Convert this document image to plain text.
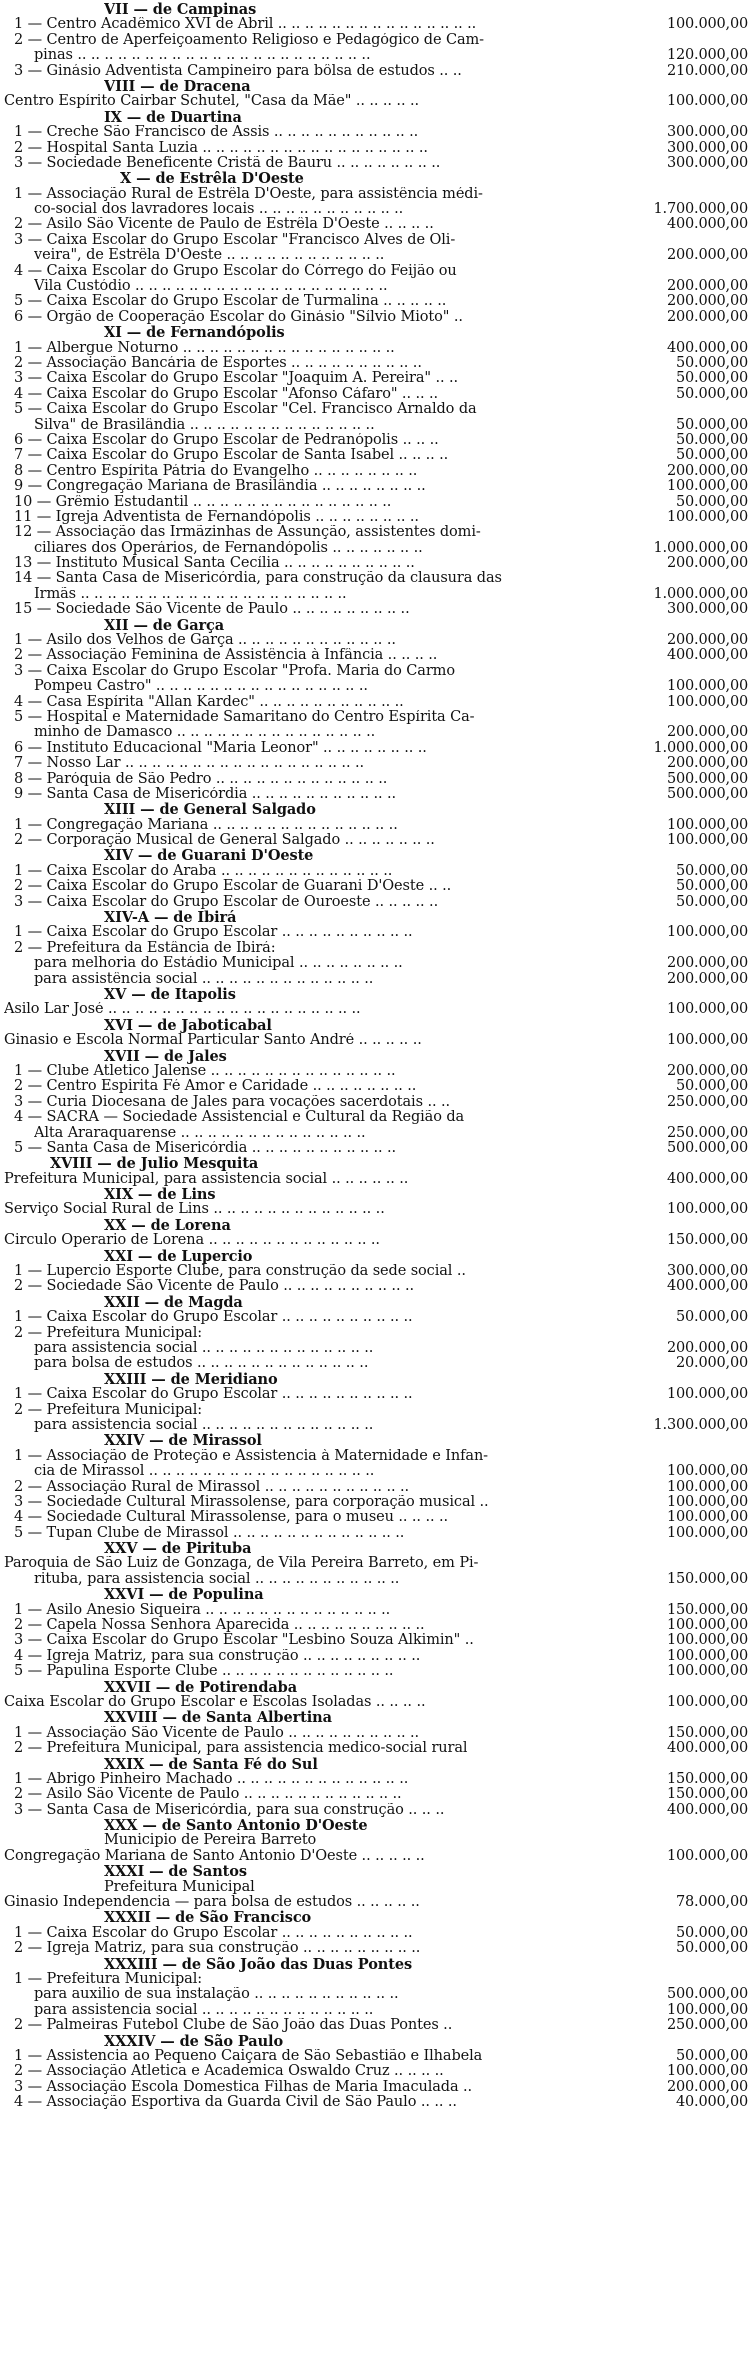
VII — de Campinas
1 — Centro Acadêmico XVI de Abril .. .. .. .. .. .. .. .. .. .. .. .. .. .. ..	100.000,00
2 — Centro de Aperfeiçoamento Religioso e Pedagógico de Cam-
pinas .. .. .. .. .. .. .. .. .. .. .. .. .. .. .. .. .. .. .. .. .. ..	120.000,00
3 — Ginásio Adventista Campineiro para bôlsa de estudos .. ..	210.000,00
VIII — de Dracena
Centro Espírito Cairbar Schutel, "Casa da Mãe" .. .. .. .. ..	100.000,00
IX — de Duartina
1 — Creche São Francisco de Assis .. .. .. .. .. .. .. .. .. .. ..	300.000,00
2 — Hospital Santa Luzia .. .. .. .. .. .. .. .. .. .. .. .. .. .. .. .. ..	300.000,00
3 — Sociedade Beneficente Cristã de Bauru .. .. .. .. .. .. .. ..	300.000,00
X — de Estrêla D'Oeste
1 — Associação Rural de Estrêla D'Oeste, para assistência médi-
co-social dos lavradores locais .. .. .. .. .. .. .. .. .. .. ..	1.700.000,00
2 — Asilo São Vicente de Paulo de Estrêla D'Oeste .. .. .. ..	400.000,00
3 — Caixa Escolar do Grupo Escolar "Francisco Alves de Oli-
veira", de Estrêla D'Oeste .. .. .. .. .. .. .. .. .. .. .. ..	200.000,00
4 — Caixa Escolar do Grupo Escolar do Córrego do Feijão ou
Vila Custódio .. .. .. .. .. .. .. .. .. .. .. .. .. .. .. .. .. .. ..	200.000,00
5 — Caixa Escolar do Grupo Escolar de Turmalina .. .. .. .. ..	200.000,00
6 — Órgão de Cooperação Escolar do Ginásio "Sílvio Mioto" ..	200.000,00
XI — de Fernandópolis
1 — Albergue Noturno .. .. .. .. .. .. .. .. .. .. .. .. .. .. .. ..	400.000,00
2 — Associação Bancária de Esportes .. .. .. .. .. .. .. .. .. ..	50.000,00
3 — Caixa Escolar do Grupo Escolar "Joaquim A. Pereira" .. ..	50.000,00
4 — Caixa Escolar do Grupo Escolar "Afonso Cáfaro" .. .. ..	50.000,00
5 — Caixa Escolar do Grupo Escolar "Cel. Francisco Arnaldo da
Silva" de Brasilândia .. .. .. .. .. .. .. .. .. .. .. .. .. ..	50.000,00
6 — Caixa Escolar do Grupo Escolar de Pedranópolis .. .. ..	50.000,00
7 — Caixa Escolar do Grupo Escolar de Santa Isabel .. .. .. ..	50.000,00
8 — Centro Espírita Pátria do Evangelho .. .. .. .. .. .. .. ..	200.000,00
9 — Congregação Mariana de Brasilândia .. .. .. .. .. .. .. ..	100.000,00
10 — Grêmio Estudantil .. .. .. .. .. .. .. .. .. .. .. .. .. .. ..	50.000,00
11 — Igreja Adventista de Fernandópolis .. .. .. .. .. .. .. ..	100.000,00
12 — Associação das Irmãzinhas de Assunção, assistentes domi-
ciliares dos Operários, de Fernandópolis .. .. .. .. .. .. ..	1.000.000,00
13 — Instituto Musical Santa Cecília .. .. .. .. .. .. .. .. .. ..	200.000,00
14 — Santa Casa de Misericórdia, para construção da clausura das
Irmãs .. .. .. .. .. .. .. .. .. .. .. .. .. .. .. .. .. .. .. ..	1.000.000,00
15 — Sociedade São Vicente de Paulo .. .. .. .. .. .. .. .. ..	300.000,00
XII — de Garça
1 — Asilo dos Velhos de Garça .. .. .. .. .. .. .. .. .. .. .. ..	200.000,00
2 — Associação Feminina de Assistência à Infância .. .. .. ..	400.000,00
3 — Caixa Escolar do Grupo Escolar "Profa. Maria do Carmo
Pompeu Castro" .. .. .. .. .. .. .. .. .. .. .. .. .. .. .. ..	100.000,00
4 — Casa Espírita "Allan Kardec" .. .. .. .. .. .. .. .. .. .. ..	100.000,00
5 — Hospital e Maternidade Samaritano do Centro Espírita Ca-
minho de Damasco .. .. .. .. .. .. .. .. .. .. .. .. .. .. ..	200.000,00
6 — Instituto Educacional "Maria Leonor" .. .. .. .. .. .. .. ..	1.000.000,00
7 — Nosso Lar .. .. .. .. .. .. .. .. .. .. .. .. .. .. .. .. .. ..	200.000,00
8 — Paróquia de São Pedro .. .. .. .. .. .. .. .. .. .. .. .. ..	500.000,00
9 — Santa Casa de Misericórdia .. .. .. .. .. .. .. .. .. .. ..	500.000,00
XIII — de General Salgado
1 — Congregação Mariana .. .. .. .. .. .. .. .. .. .. .. .. .. ..	100.000,00
2 — Corporação Musical de General Salgado .. .. .. .. .. .. ..	100.000,00
XIV — de Guarani D'Oeste
1 — Caixa Escolar do Araba .. .. .. .. .. .. .. .. .. .. .. .. ..	50.000,00
2 — Caixa Escolar do Grupo Escolar de Guarani D'Oeste .. ..	50.000,00
3 — Caixa Escolar do Grupo Escolar de Ouroeste .. .. .. .. ..	50.000,00
XIV-A — de Ibirá
1 — Caixa Escolar do Grupo Escolar .. .. .. .. .. .. .. .. .. ..	100.000,00
2 — Prefeitura da Estância de Ibirá:
para melhoria do Estádio Municipal .. .. .. .. .. .. .. ..	200.000,00
para assistência social .. .. .. .. .. .. .. .. .. .. .. .. ..	200.000,00
XV — de Itapolis
Asilo Lar José .. .. .. .. .. .. .. .. .. .. .. .. .. .. .. .. .. .. ..	100.000,00
XVI — de Jaboticabal
Ginasio e Escola Normal Particular Santo André .. .. .. .. ..	100.000,00
XVII — de Jales
1 — Clube Atletico Jalense .. .. .. .. .. .. .. .. .. .. .. .. .. ..	200.000,00
2 — Centro Espirita Fé Amor e Caridade .. .. .. .. .. .. .. ..	50.000,00
3 — Curia Diocesana de Jales para vocações sacerdotais .. ..	250.000,00
4 — SACRA — Sociedade Assistencial e Cultural da Região da
Alta Araraquarense .. .. .. .. .. .. .. .. .. .. .. .. .. ..	250.000,00
5 — Santa Casa de Misericórdia .. .. .. .. .. .. .. .. .. .. ..	500.000,00
XVIII — de Julio Mesquita
Prefeitura Municipal, para assistencia social .. .. .. .. .. ..	400.000,00
XIX — de Lins
Serviço Social Rural de Lins .. .. .. .. .. .. .. .. .. .. .. .. ..	100.000,00
XX — de Lorena
Circulo Operario de Lorena .. .. .. .. .. .. .. .. .. .. .. .. ..	150.000,00
XXI — de Lupercio
1 — Lupercio Esporte Clube, para construção da sede social ..	300.000,00
2 — Sociedade São Vicente de Paulo .. .. .. .. .. .. .. .. .. ..	400.000,00
XXII — de Magda
1 — Caixa Escolar do Grupo Escolar .. .. .. .. .. .. .. .. .. ..	50.000,00
2 — Prefeitura Municipal:
para assistencia social .. .. .. .. .. .. .. .. .. .. .. .. ..	200.000,00
para bolsa de estudos .. .. .. .. .. .. .. .. .. .. .. .. ..	20.000,00
XXIII — de Meridiano
1 — Caixa Escolar do Grupo Escolar .. .. .. .. .. .. .. .. .. ..	100.000,00
2 — Prefeitura Municipal:
para assistencia social .. .. .. .. .. .. .. .. .. .. .. .. ..	1.300.000,00
XXIV — de Mirassol
1 — Associação de Proteção e Assistencia à Maternidade e Infan-
cia de Mirassol .. .. .. .. .. .. .. .. .. .. .. .. .. .. .. .. ..	100.000,00
2 — Associação Rural de Mirassol .. .. .. .. .. .. .. .. .. .. ..	100.000,00
3 — Sociedade Cultural Mirassolense, para corporação musical ..	100.000,00
4 — Sociedade Cultural Mirassolense, para o museu .. .. .. ..	100.000,00
5 — Tupan Clube de Mirassol .. .. .. .. .. .. .. .. .. .. .. .. ..	100.000,00
XXV — de Pirituba
Paroquia de São Luiz de Gonzaga, de Vila Pereira Barreto, em Pi-
rituba, para assistencia social .. .. .. .. .. .. .. .. .. .. ..	150.000,00
XXVI — de Populina
1 — Asilo Anesio Siqueira .. .. .. .. .. .. .. .. .. .. .. .. .. ..	150.000,00
2 — Capela Nossa Senhora Aparecida .. .. .. .. .. .. .. .. .. ..	100.000,00
3 — Caixa Escolar do Grupo Escolar "Lesbino Souza Alkimin" ..	100.000,00
4 — Igreja Matriz, para sua construção .. .. .. .. .. .. .. .. ..	100.000,00
5 — Papulina Esporte Clube .. .. .. .. .. .. .. .. .. .. .. .. ..	100.000,00
XXVII — de Potirendaba
Caixa Escolar do Grupo Escolar e Escolas Isoladas .. .. .. ..	100.000,00
XXVIII — de Santa Albertina
1 — Associação São Vicente de Paulo .. .. .. .. .. .. .. .. .. ..	150.000,00
2 — Prefeitura Municipal, para assistencia medico-social rural	400.000,00
XXIX — de Santa Fé do Sul
1 — Abrigo Pinheiro Machado .. .. .. .. .. .. .. .. .. .. .. .. ..	150.000,00
2 — Asilo São Vicente de Paulo .. .. .. .. .. .. .. .. .. .. .. ..	150.000,00
3 — Santa Casa de Misericórdia, para sua construção .. .. ..	400.000,00
XXX — de Santo Antonio D'Oeste
Municipio de Pereira Barreto
Congregação Mariana de Santo Antonio D'Oeste .. .. .. .. ..	100.000,00
XXXI — de Santos
Prefeitura Municipal
Ginasio Independencia — para bolsa de estudos .. .. .. .. ..	78.000,00
XXXII — de São Francisco
1 — Caixa Escolar do Grupo Escolar .. .. .. .. .. .. .. .. .. ..	50.000,00
2 — Igreja Matriz, para sua construção .. .. .. .. .. .. .. .. ..	50.000,00
XXXIII — de São João das Duas Pontes
1 — Prefeitura Municipal:
para auxilio de sua instalação .. .. .. .. .. .. .. .. .. .. ..	500.000,00
para assistencia social .. .. .. .. .. .. .. .. .. .. .. .. ..	100.000,00
2 — Palmeiras Futebol Clube de São João das Duas Pontes ..	250.000,00
XXXIV — de São Paulo
1 — Assistencia ao Pequeno Caiçara de São Sebastião e Ilhabela	50.000,00
2 — Associação Atletica e Academica Oswaldo Cruz .. .. .. ..	100.000,00
3 — Associação Escola Domestica Filhas de Maria Imaculada ..	200.000,00
4 — Associação Esportiva da Guarda Civil de São Paulo .. .. ..	40.000,00
